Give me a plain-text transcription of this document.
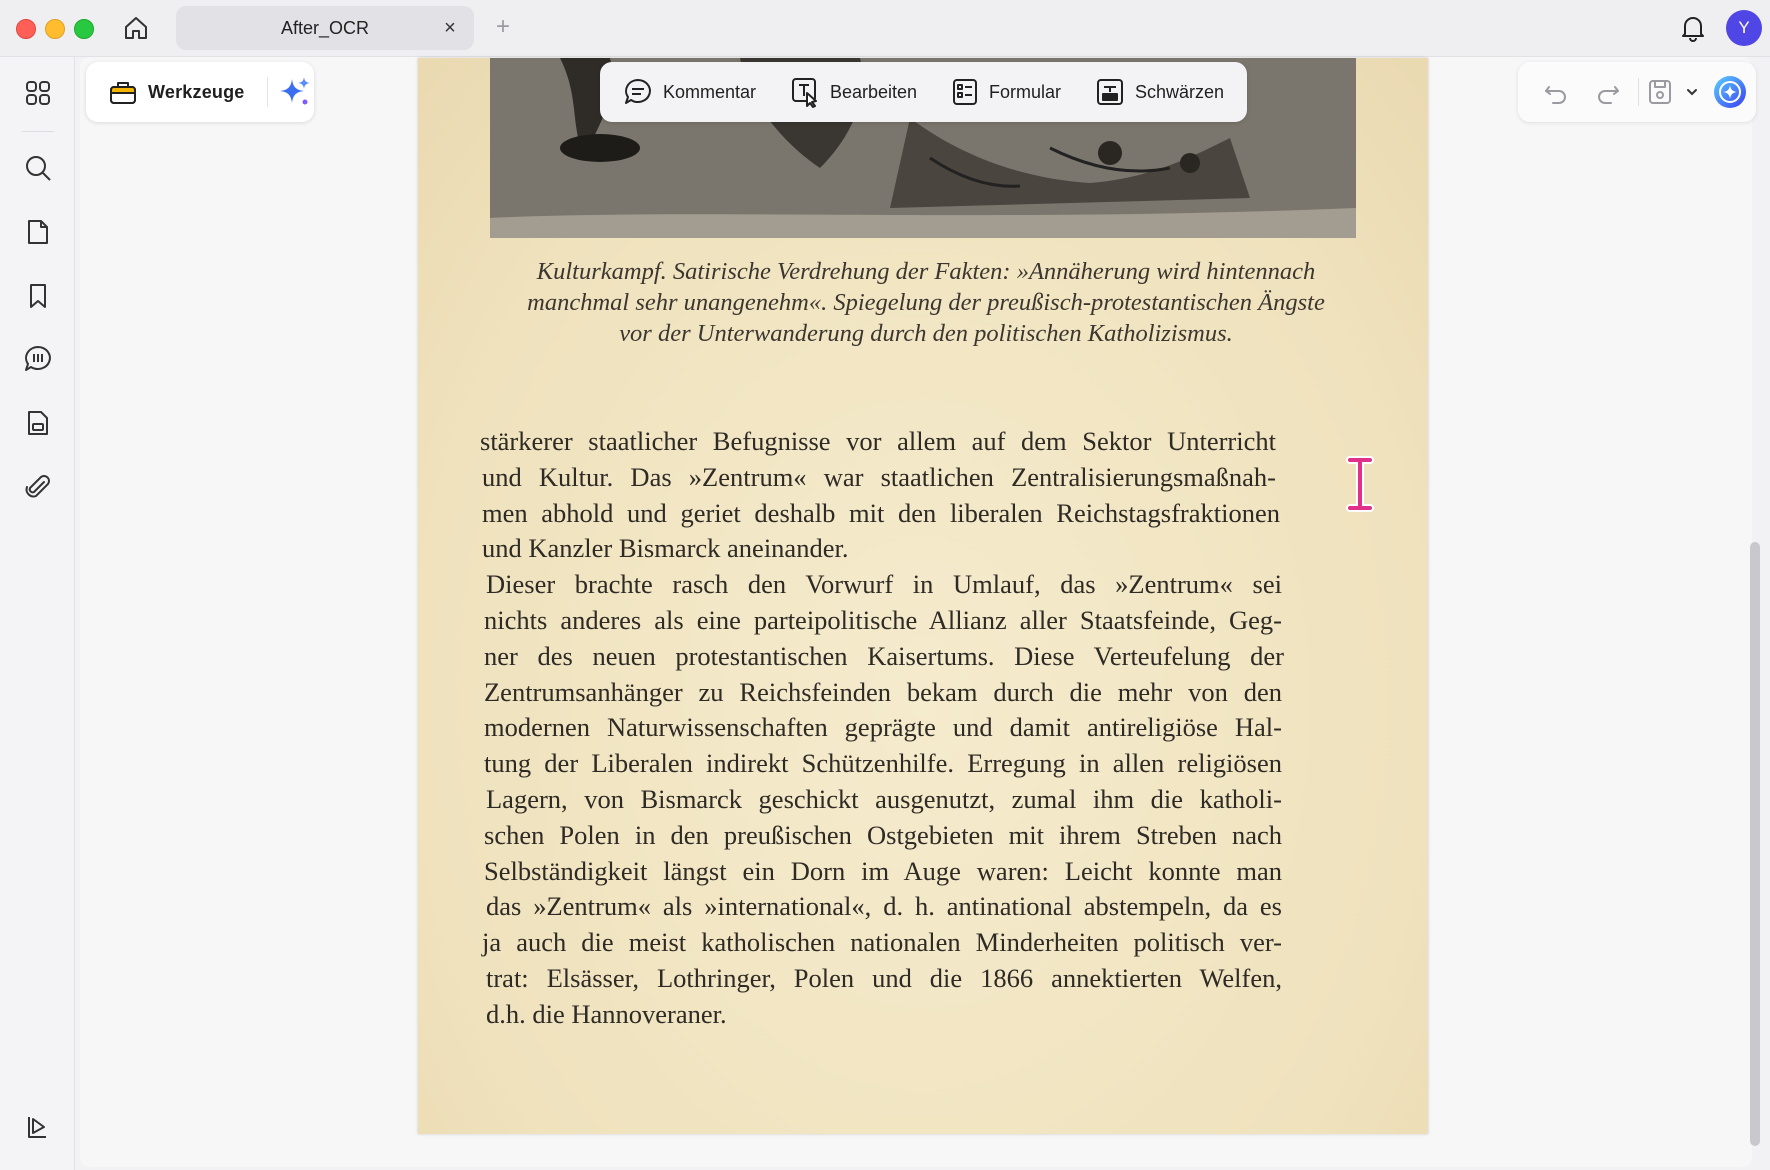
After_OCR	×	+	Y
Kulturkampf. Satirische Verdrehung der Fakten: »Annäherung wird hintennach
manchmal sehr unangenehm«. Spiegelung der preußisch-protestantischen Ängste
vor der Unterwanderung durch den politischen Katholizismus.
stärkerer staatlicher Befugnisse vor allem auf dem Sektor Unterricht
und Kultur. Das »Zentrum« war staatlichen Zentralisierungsmaßnah-
men abhold und geriet deshalb mit den liberalen Reichstagsfraktionen
und Kanzler Bismarck aneinander.
Dieser brachte rasch den Vorwurf in Umlauf, das »Zentrum« sei
nichts anderes als eine parteipolitische Allianz aller Staatsfeinde, Geg-
ner des neuen protestantischen Kaisertums. Diese Verteufelung der
Zentrumsanhänger zu Reichsfeinden bekam durch die mehr von den
modernen Naturwissenschaften geprägte und damit antireligiöse Hal-
tung der Liberalen indirekt Schützenhilfe. Erregung in allen religiösen
Lagern, von Bismarck geschickt ausgenutzt, zumal ihm die katholi-
schen Polen in den preußischen Ostgebieten mit ihrem Streben nach
Selbständigkeit längst ein Dorn im Auge waren: Leicht konnte man
das »Zentrum« als »international«, d. h. antinational abstempeln, da es
ja auch die meist katholischen nationalen Minderheiten politisch ver-
trat: Elsässer, Lothringer, Polen und die 1866 annektierten Welfen,
d.h. die Hannoveraner.
Werkzeuge	Kommentar	Bearbeiten	Formular	Schwärzen
